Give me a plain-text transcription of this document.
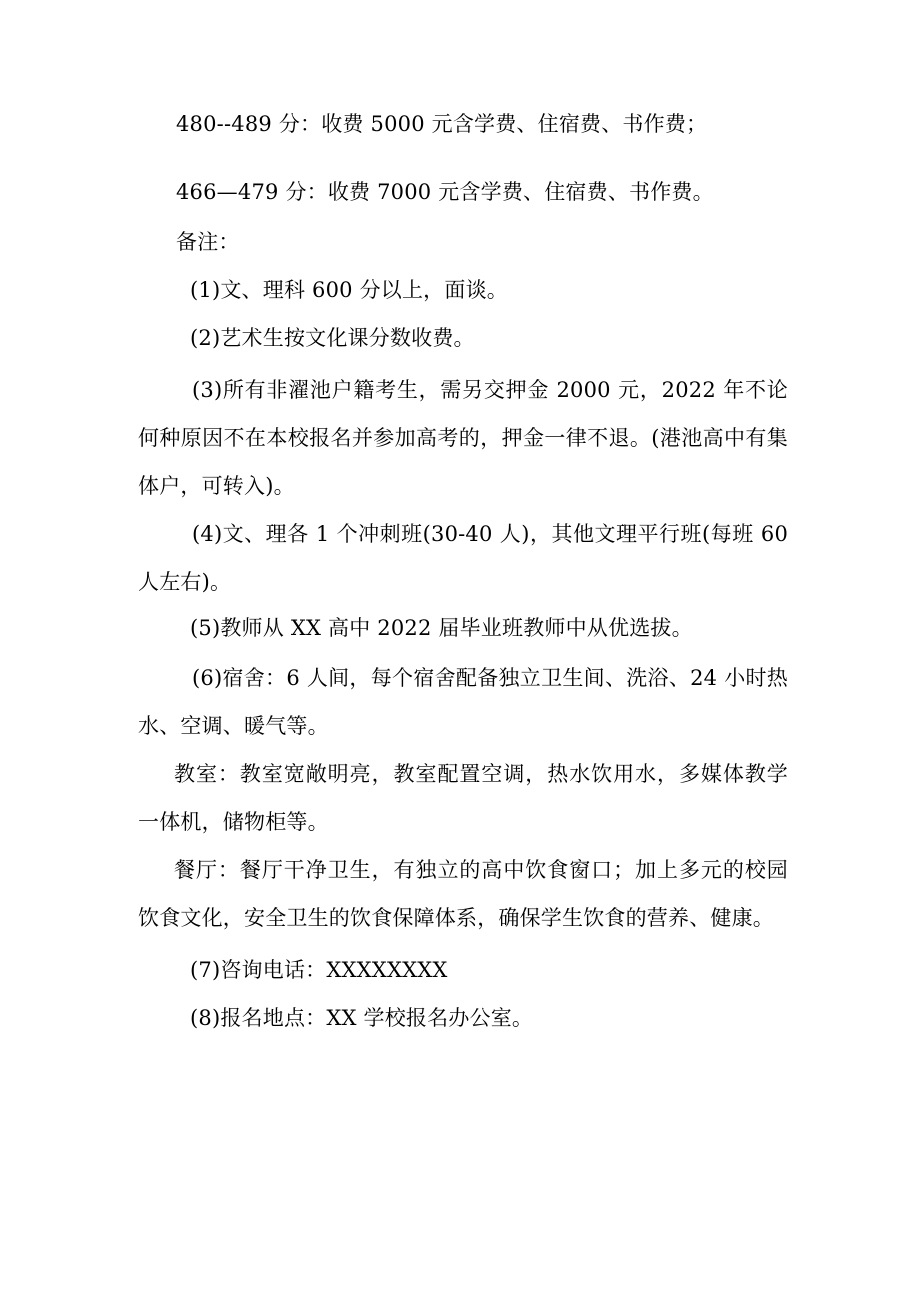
480--489 分：收费 5000 元含学费、住宿费、书作费；
466—479 分：收费 7000 元含学费、住宿费、书作费。
备注：
(1)文、理科 600 分以上，面谈。
(2)艺术生按文化课分数收费。
(3)所有非濯池户籍考生，需另交押金 2000 元，2022 年不论何种原因不在本校报名并参加高考的，押金一律不退。(港池高中有集体户，可转入)。
(4)文、理各 1 个冲刺班(30-40 人)，其他文理平行班(每班 60 人左右)。
(5)教师从 XX 高中 2022 届毕业班教师中从优选拔。
(6)宿舍：6 人间，每个宿舍配备独立卫生间、洗浴、24 小时热水、空调、暖气等。
教室：教室宽敞明亮，教室配置空调，热水饮用水，多媒体教学一体机，储物柜等。
餐厅：餐厅干净卫生，有独立的高中饮食窗口；加上多元的校园饮食文化，安全卫生的饮食保障体系，确保学生饮食的营养、健康。
(7)咨询电话：XXXXXXXX
(8)报名地点：XX 学校报名办公室。
